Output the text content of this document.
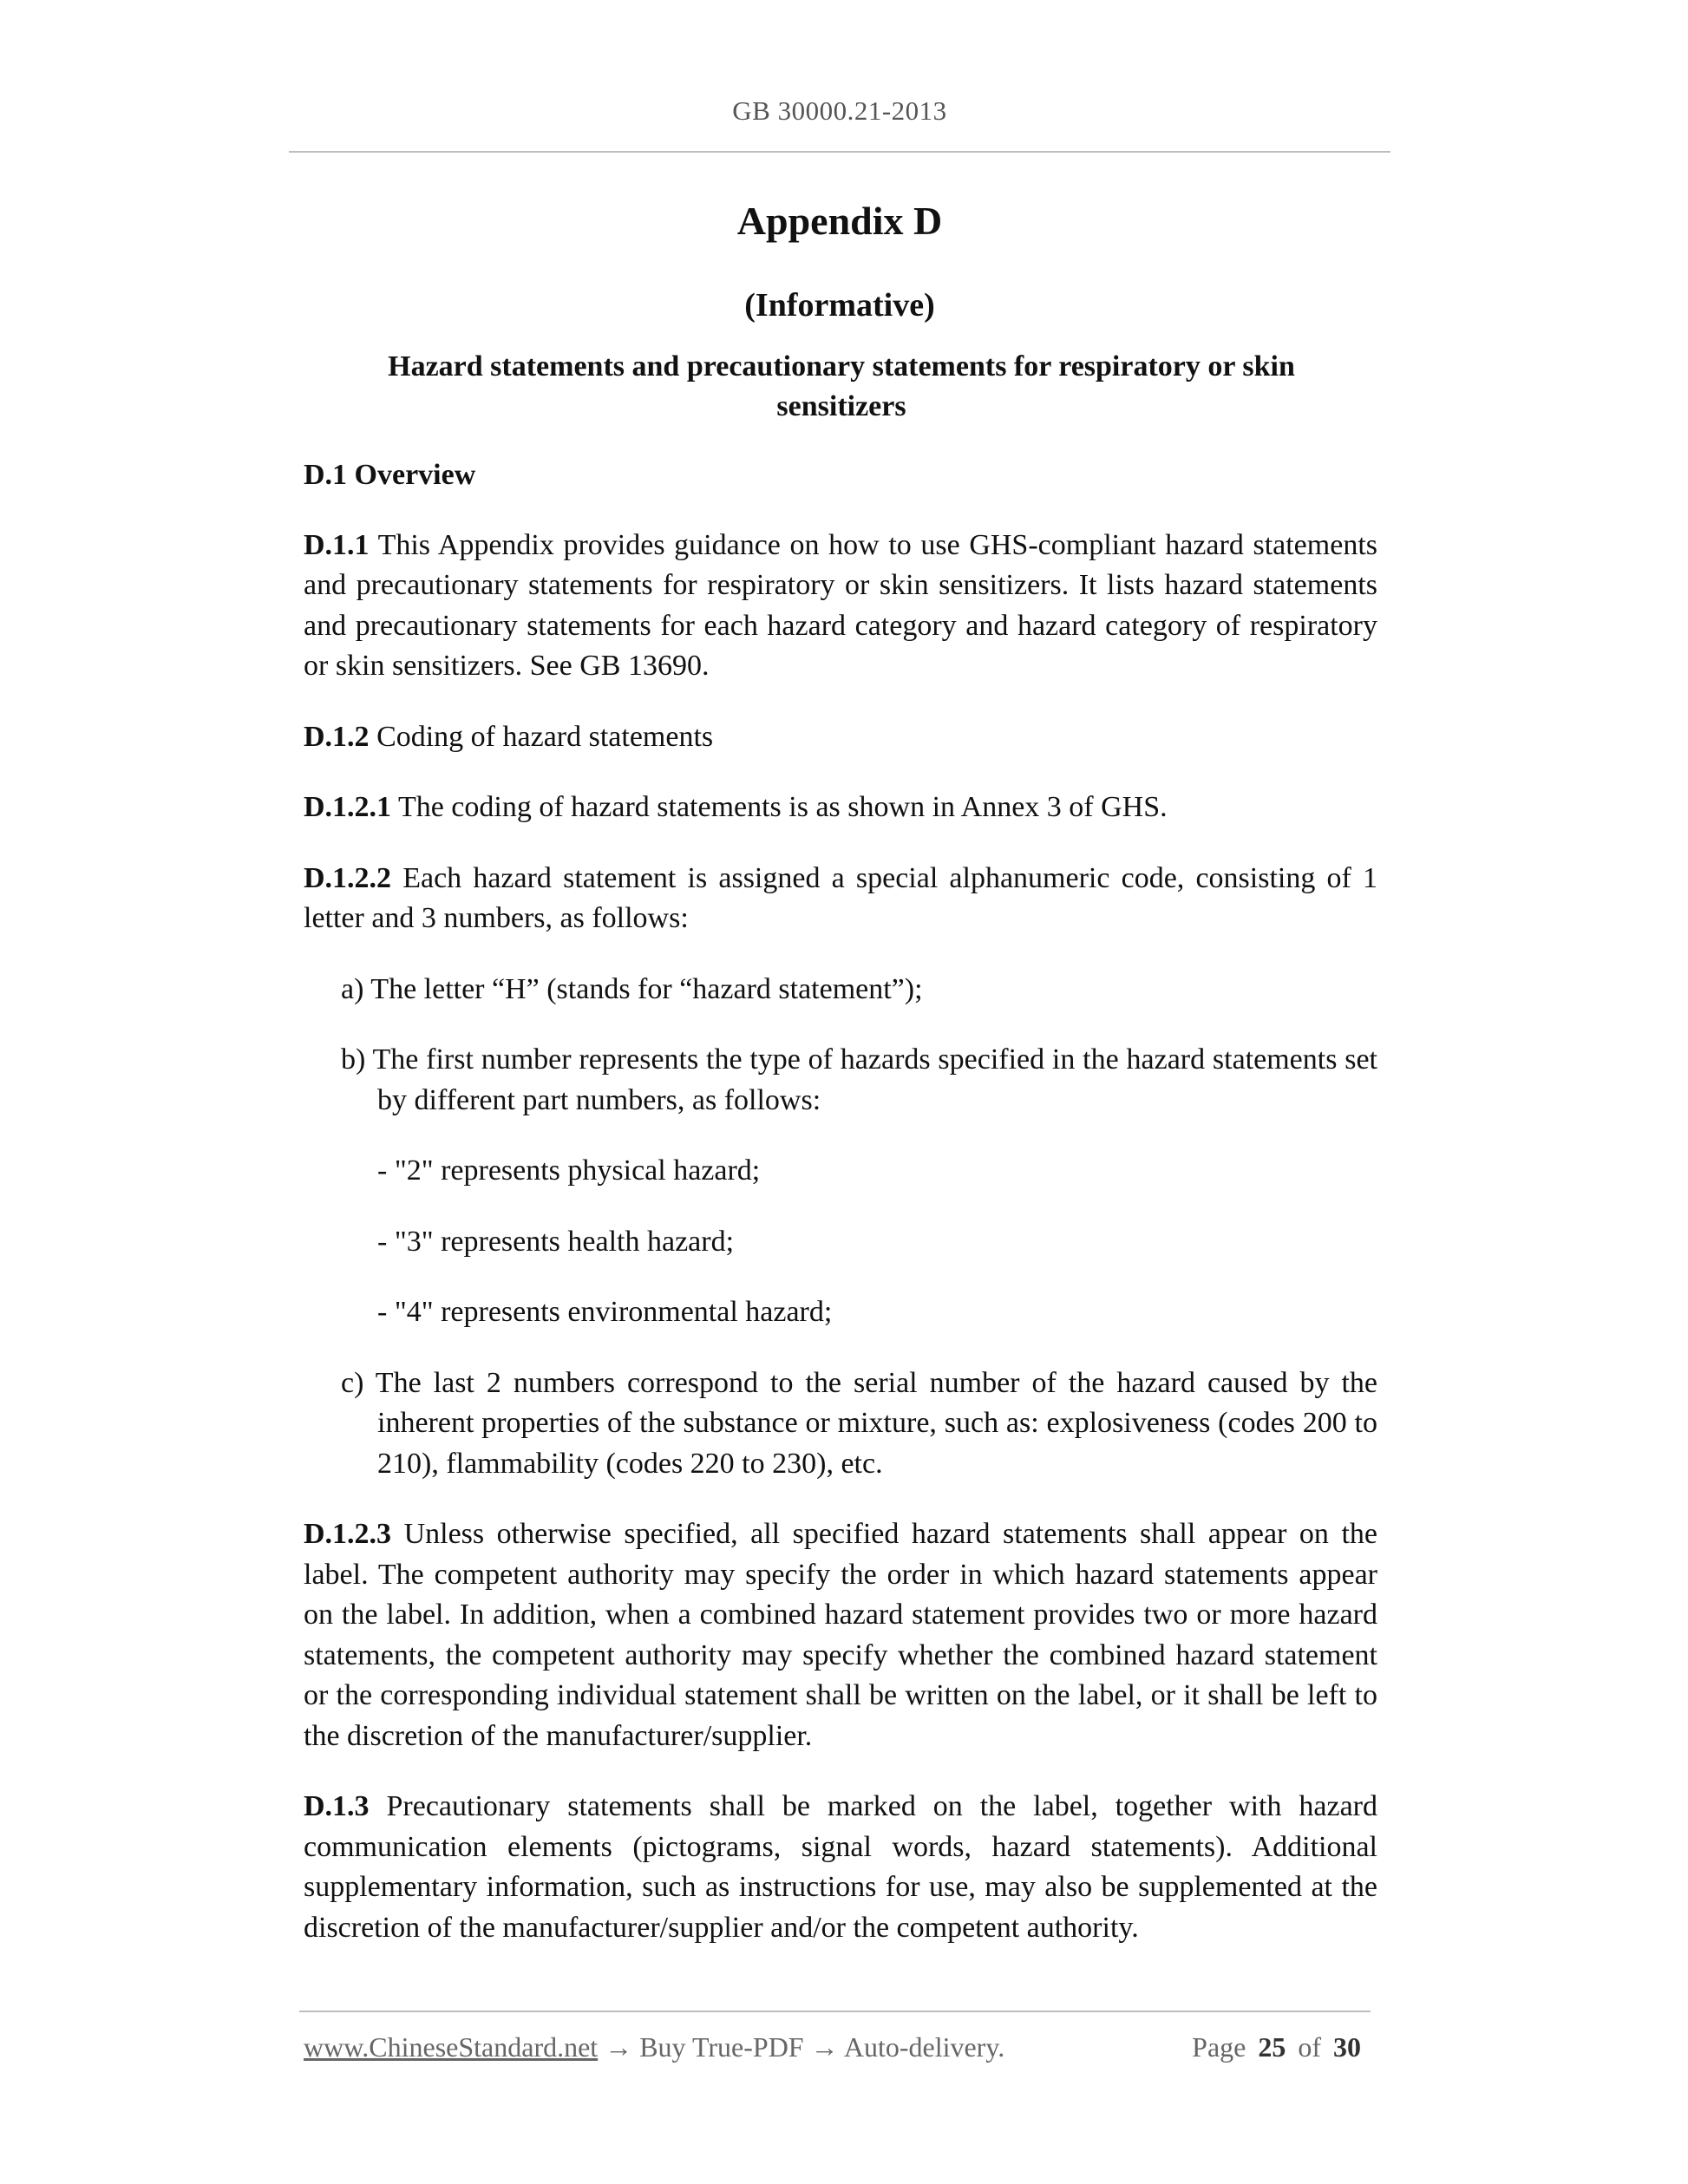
GB 30000.21-2013
Appendix D
(Informative)
Hazard statements and precautionary statements for respiratory or skin sensitizers

D.1 Overview

D.1.1 This Appendix provides guidance on how to use GHS-compliant hazard statements and precautionary statements for respiratory or skin sensitizers. It lists hazard statements and precautionary statements for each hazard category and hazard category of respiratory or skin sensitizers. See GB 13690.

D.1.2 Coding of hazard statements

D.1.2.1 The coding of hazard statements is as shown in Annex 3 of GHS.

D.1.2.2 Each hazard statement is assigned a special alphanumeric code, consisting of 1 letter and 3 numbers, as follows:

a) The letter “H” (stands for “hazard statement”);

b) The first number represents the type of hazards specified in the hazard statements set by different part numbers, as follows:

- "2" represents physical hazard;

- "3" represents health hazard;

- "4" represents environmental hazard;

c) The last 2 numbers correspond to the serial number of the hazard caused by the inherent properties of the substance or mixture, such as: explosiveness (codes 200 to 210), flammability (codes 220 to 230), etc.

D.1.2.3 Unless otherwise specified, all specified hazard statements shall appear on the label. The competent authority may specify the order in which hazard statements appear on the label. In addition, when a combined hazard statement provides two or more hazard statements, the competent authority may specify whether the combined hazard statement or the corresponding individual statement shall be written on the label, or it shall be left to the discretion of the manufacturer/supplier.

D.1.3 Precautionary statements shall be marked on the label, together with hazard communication elements (pictograms, signal words, hazard statements). Additional supplementary information, such as instructions for use, may also be supplemented at the discretion of the manufacturer/supplier and/or the competent authority.

www.ChineseStandard.net → Buy True-PDF → Auto-delivery.	Page 25 of 30
